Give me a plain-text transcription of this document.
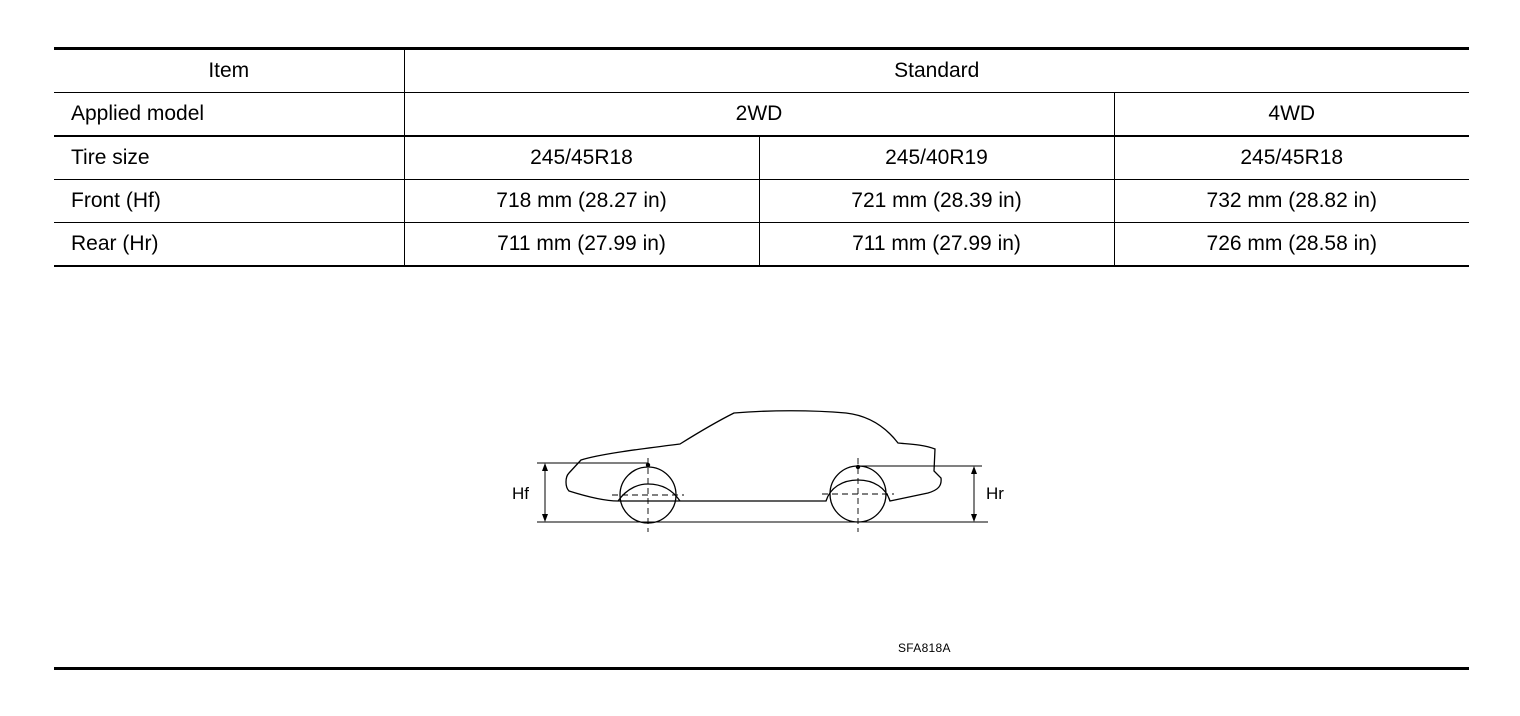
Item	Standard		
Applied model	2WD		4WD
Tire size	245/45R18	245/40R19	245/45R18
Front (Hf)	718 mm (28.27 in)	721 mm (28.39 in)	732 mm (28.82 in)
Rear (Hr)	711 mm (27.99 in)	711 mm (27.99 in)	726 mm (28.58 in)
Hf	Hr
SFA818A
